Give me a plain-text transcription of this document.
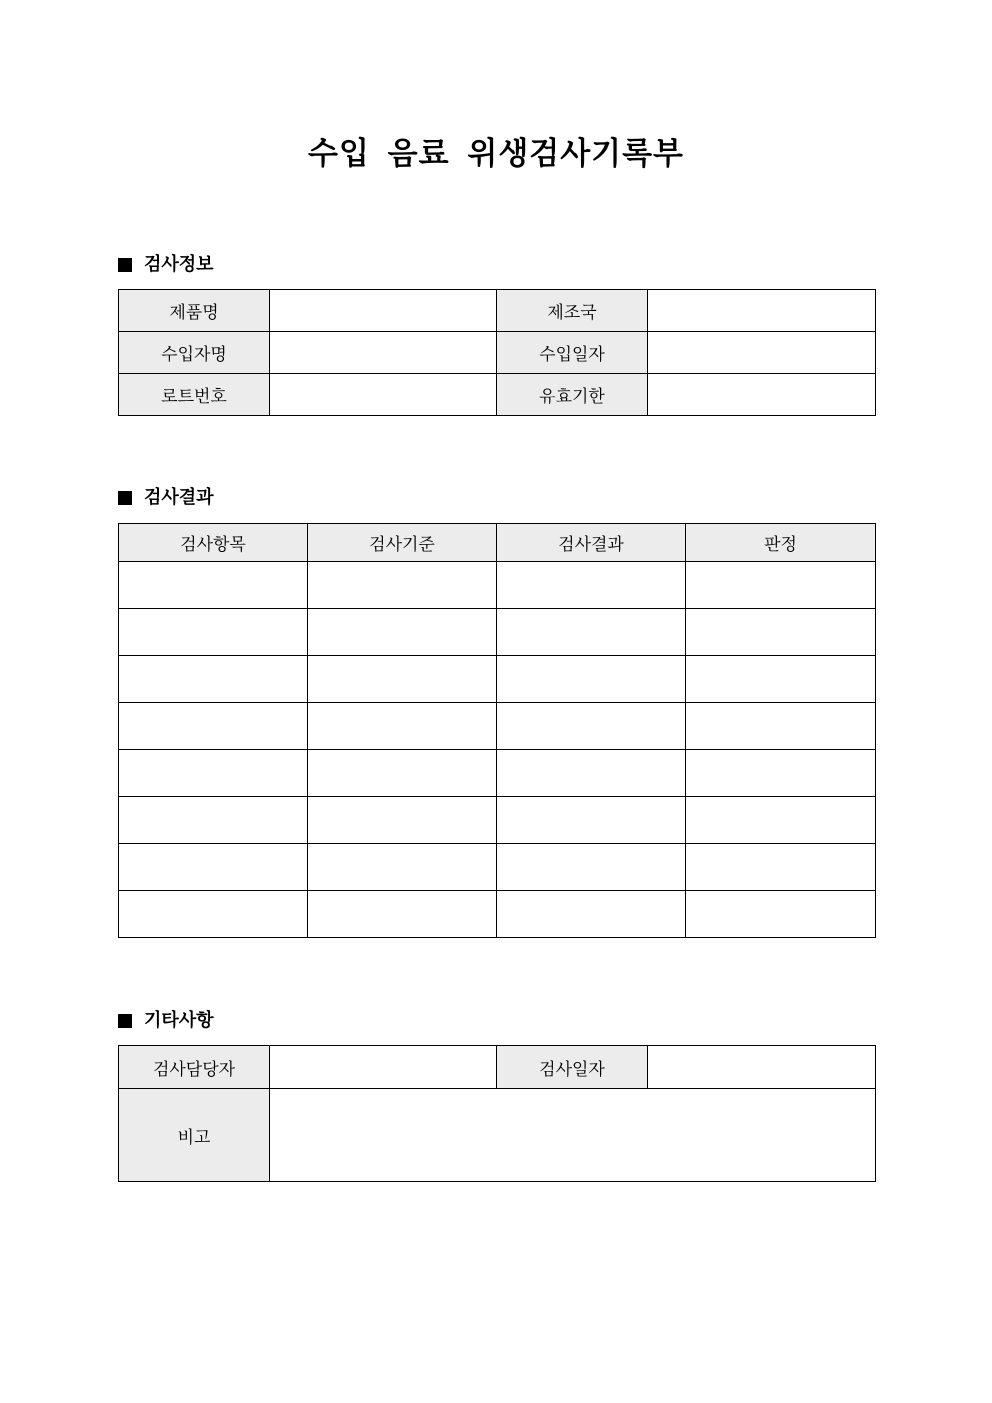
수입 음료 위생검사기록부
검사정보
제품명		제조국	
수입자명		수입일자	
로트번호		유효기한	
검사결과
검사항목	검사기준	검사결과	판정

기타사항
검사담당자		검사일자	
비고			
